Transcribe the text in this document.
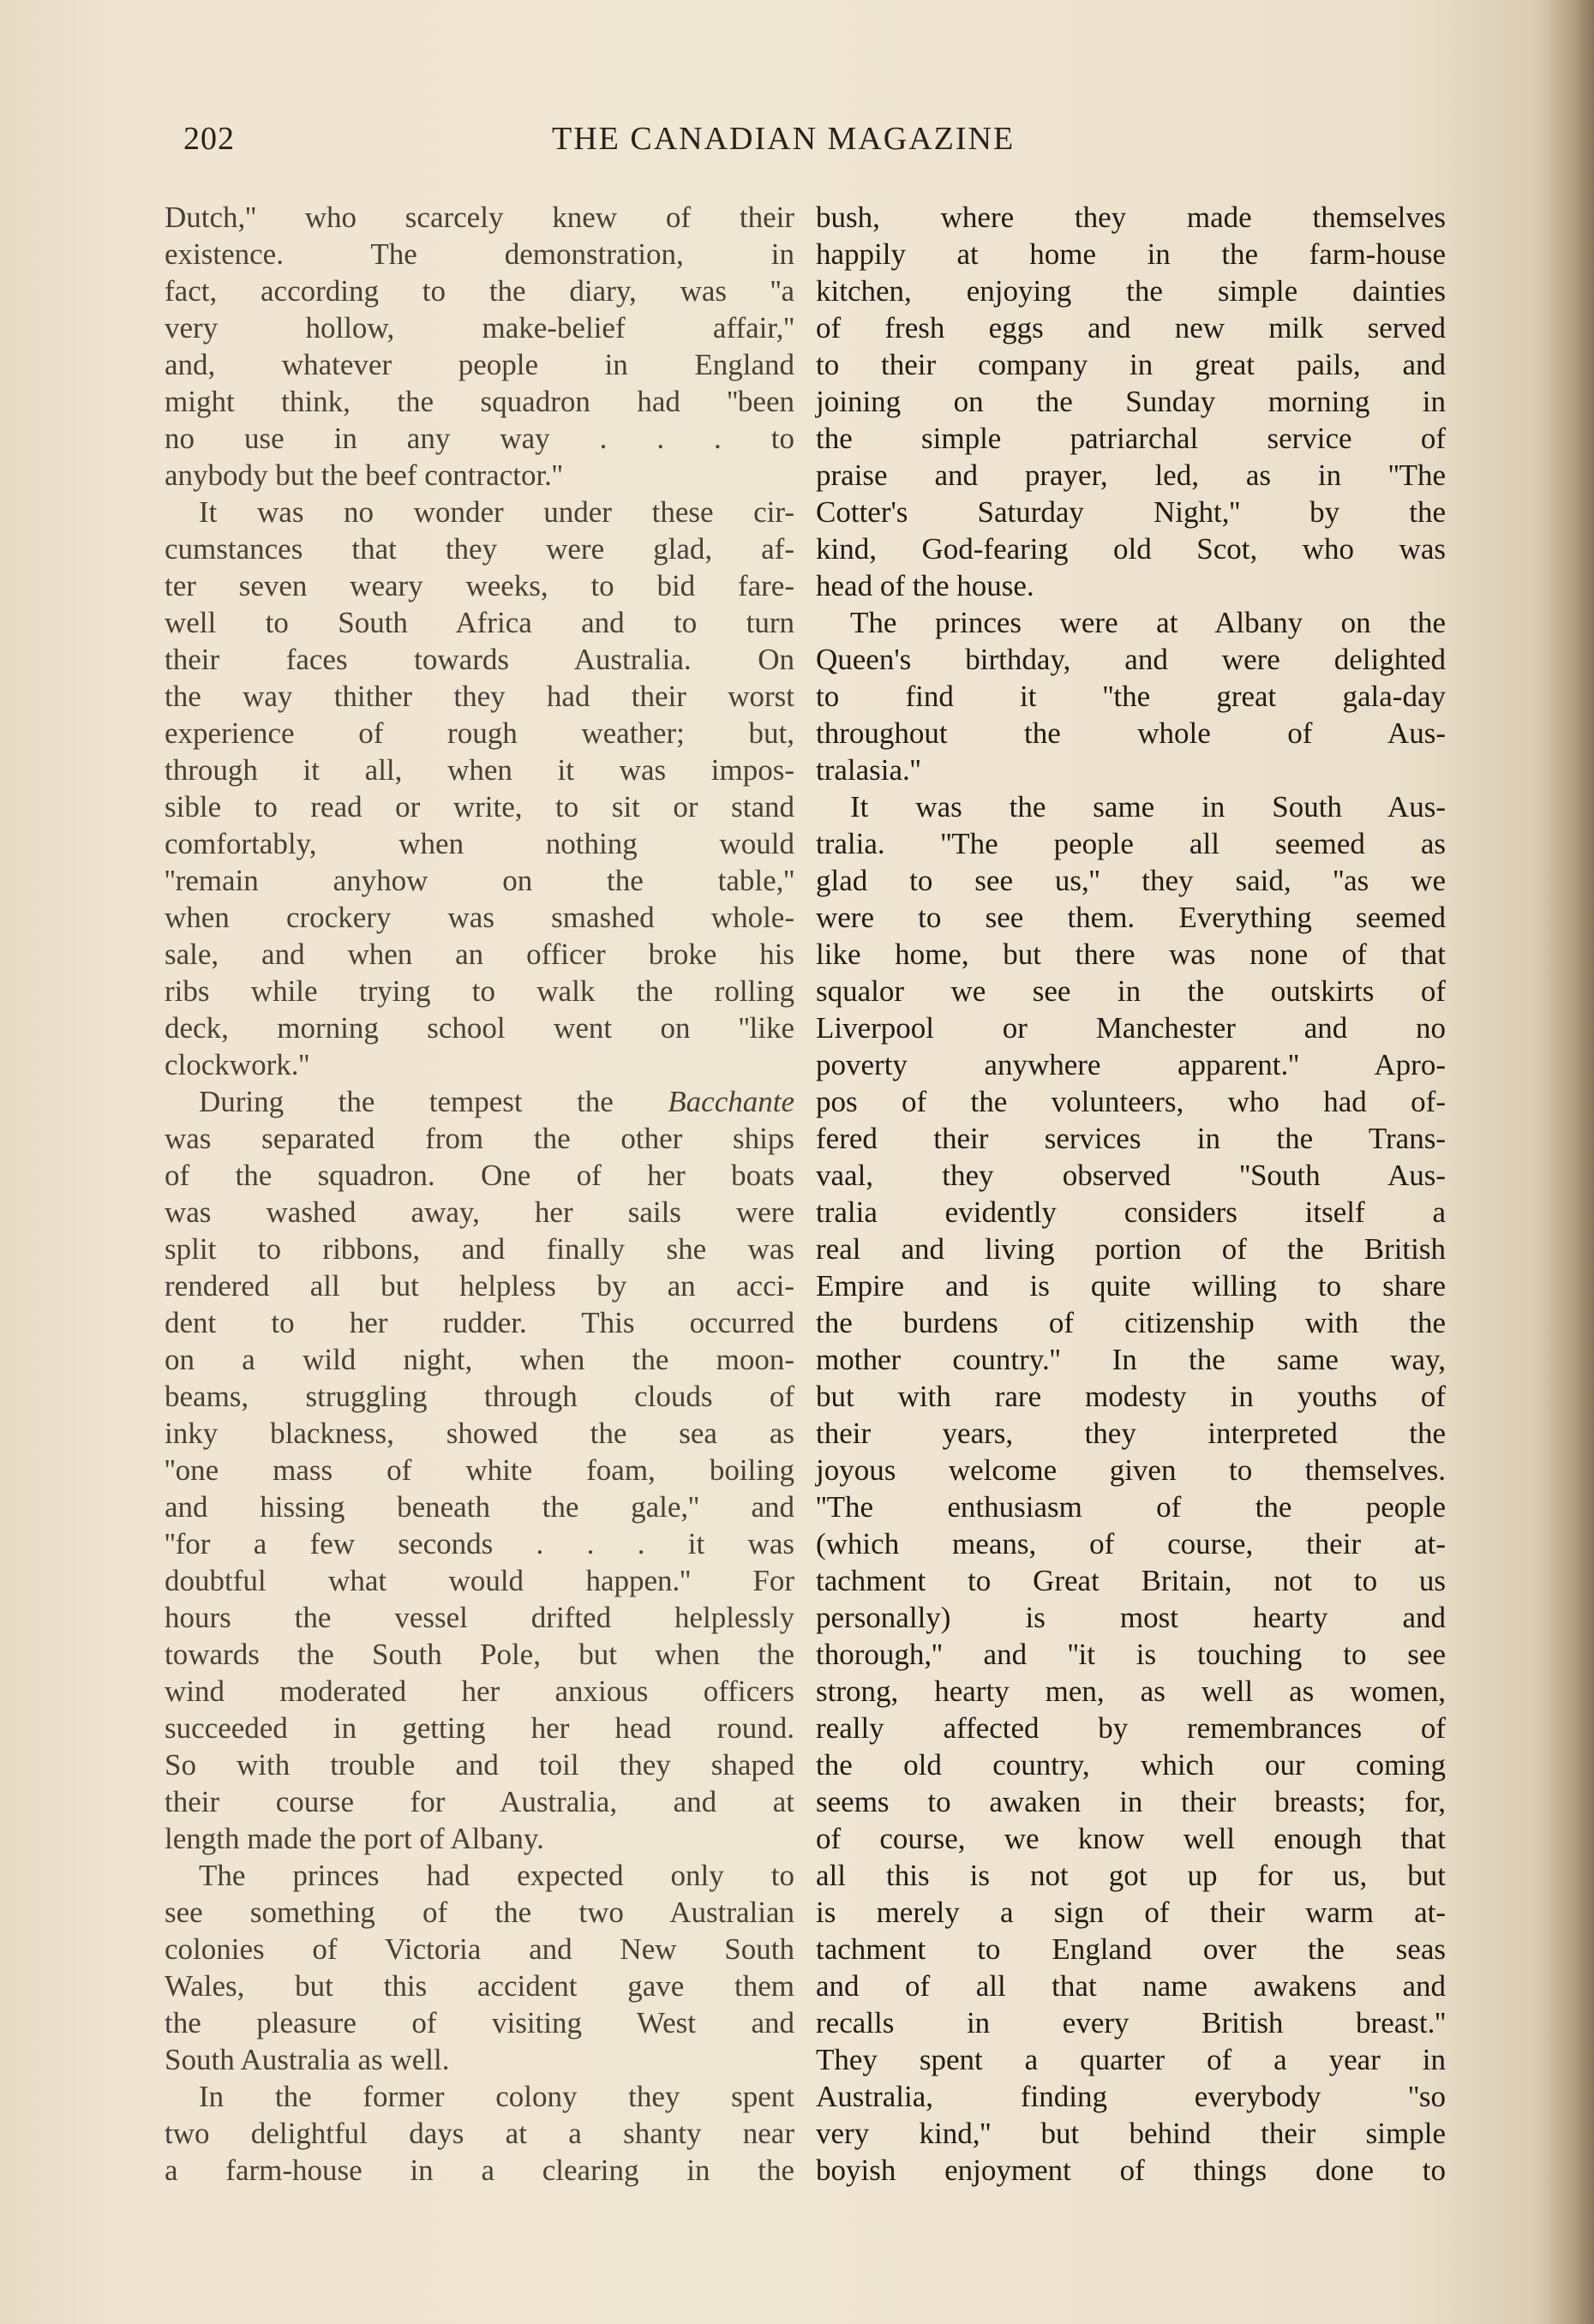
202	THE CANADIAN MAGAZINE
Dutch,'' who scarcely knew of their
existence. The demonstration, in
fact, according to the diary, was ''a
very hollow, make-belief affair,''
and, whatever people in England
might think, the squadron had ''been
no use in any way . . . to
anybody but the beef contractor.''
It was no wonder under these cir-
cumstances that they were glad, af-
ter seven weary weeks, to bid fare-
well to South Africa and to turn
their faces towards Australia. On
the way thither they had their worst
experience of rough weather; but,
through it all, when it was impos-
sible to read or write, to sit or stand
comfortably, when nothing would
''remain anyhow on the table,''
when crockery was smashed whole-
sale, and when an officer broke his
ribs while trying to walk the rolling
deck, morning school went on ''like
clockwork.''
During the tempest the Bacchante
was separated from the other ships
of the squadron. One of her boats
was washed away, her sails were
split to ribbons, and finally she was
rendered all but helpless by an acci-
dent to her rudder. This occurred
on a wild night, when the moon-
beams, struggling through clouds of
inky blackness, showed the sea as
''one mass of white foam, boiling
and hissing beneath the gale,'' and
''for a few seconds . . . it was
doubtful what would happen.'' For
hours the vessel drifted helplessly
towards the South Pole, but when the
wind moderated her anxious officers
succeeded in getting her head round.
So with trouble and toil they shaped
their course for Australia, and at
length made the port of Albany.
The princes had expected only to
see something of the two Australian
colonies of Victoria and New South
Wales, but this accident gave them
the pleasure of visiting West and
South Australia as well.
In the former colony they spent
two delightful days at a shanty near
a farm-house in a clearing in the
bush, where they made themselves
happily at home in the farm-house
kitchen, enjoying the simple dainties
of fresh eggs and new milk served
to their company in great pails, and
joining on the Sunday morning in
the simple patriarchal service of
praise and prayer, led, as in ''The
Cotter's Saturday Night,'' by the
kind, God-fearing old Scot, who was
head of the house.
The princes were at Albany on the
Queen's birthday, and were delighted
to find it ''the great gala-day
throughout the whole of Aus-
tralasia.''
It was the same in South Aus-
tralia. ''The people all seemed as
glad to see us,'' they said, ''as we
were to see them. Everything seemed
like home, but there was none of that
squalor we see in the outskirts of
Liverpool or Manchester and no
poverty anywhere apparent.'' Apro-
pos of the volunteers, who had of-
fered their services in the Trans-
vaal, they observed ''South Aus-
tralia evidently considers itself a
real and living portion of the British
Empire and is quite willing to share
the burdens of citizenship with the
mother country.'' In the same way,
but with rare modesty in youths of
their years, they interpreted the
joyous welcome given to themselves.
''The enthusiasm of the people
(which means, of course, their at-
tachment to Great Britain, not to us
personally) is most hearty and
thorough,'' and ''it is touching to see
strong, hearty men, as well as women,
really affected by remembrances of
the old country, which our coming
seems to awaken in their breasts; for,
of course, we know well enough that
all this is not got up for us, but
is merely a sign of their warm at-
tachment to England over the seas
and of all that name awakens and
recalls in every British breast.''
They spent a quarter of a year in
Australia, finding everybody ''so
very kind,'' but behind their simple
boyish enjoyment of things done to
